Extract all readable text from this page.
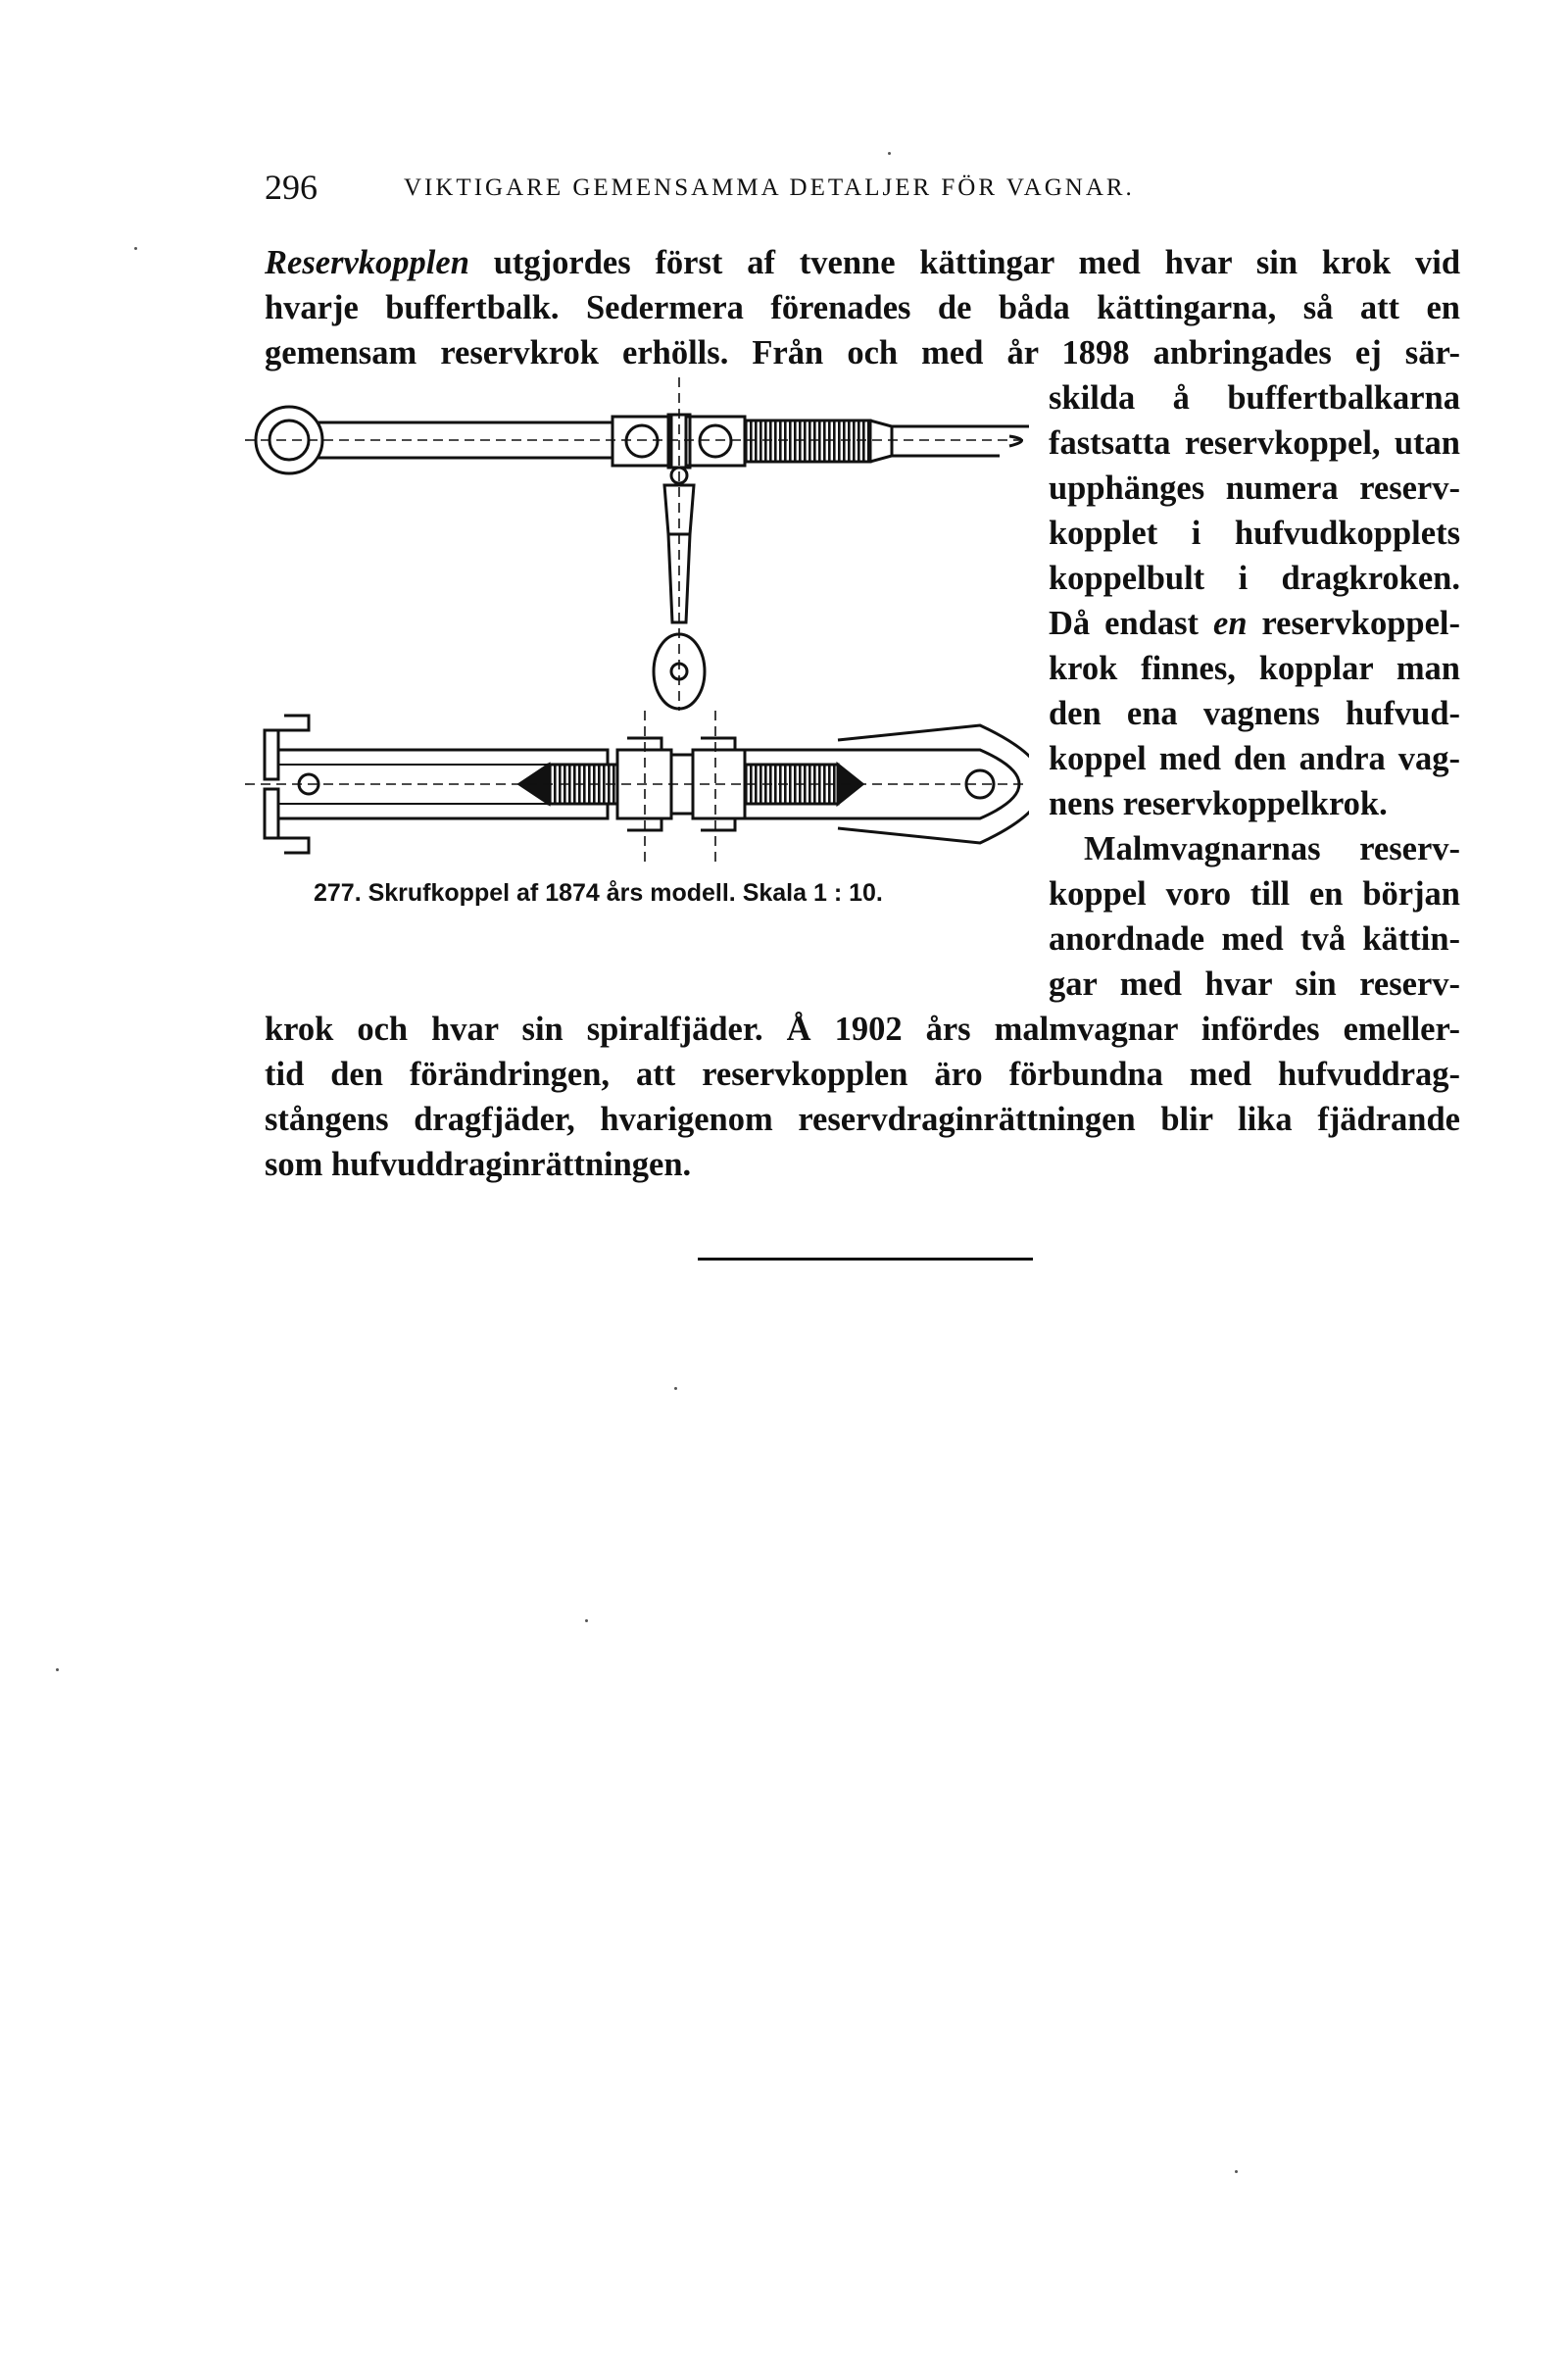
296	VIKTIGARE GEMENSAMMA DETALJER FÖR VAGNAR.
Reservkopplen utgjordes först af tvenne kättingar med hvar sin krok vid
hvarje buffertbalk. Sedermera förenades de båda kättingarna, så att en
gemensam reservkrok erhölls. Från och med år 1898 anbringades ej sär-
skilda å buffertbalkarna
fastsatta reservkoppel, utan
upphänges numera reserv-
kopplet i hufvudkopplets
koppelbult i dragkroken.
Då endast en reservkoppel-
krok finnes, kopplar man
den ena vagnens hufvud-
koppel med den andra vag-
nens reservkoppelkrok.
Malmvagnarnas reserv-
koppel voro till en början
anordnade med två kättin-
gar med hvar sin reserv-
krok och hvar sin spiralfjäder. Å 1902 års malmvagnar infördes emeller-
tid den förändringen, att reservkopplen äro förbundna med hufvuddrag-
stångens dragfjäder, hvarigenom reservdraginrättningen blir lika fjädrande
som hufvuddraginrättningen.
277. Skrufkoppel af 1874 års modell. Skala 1 : 10.
